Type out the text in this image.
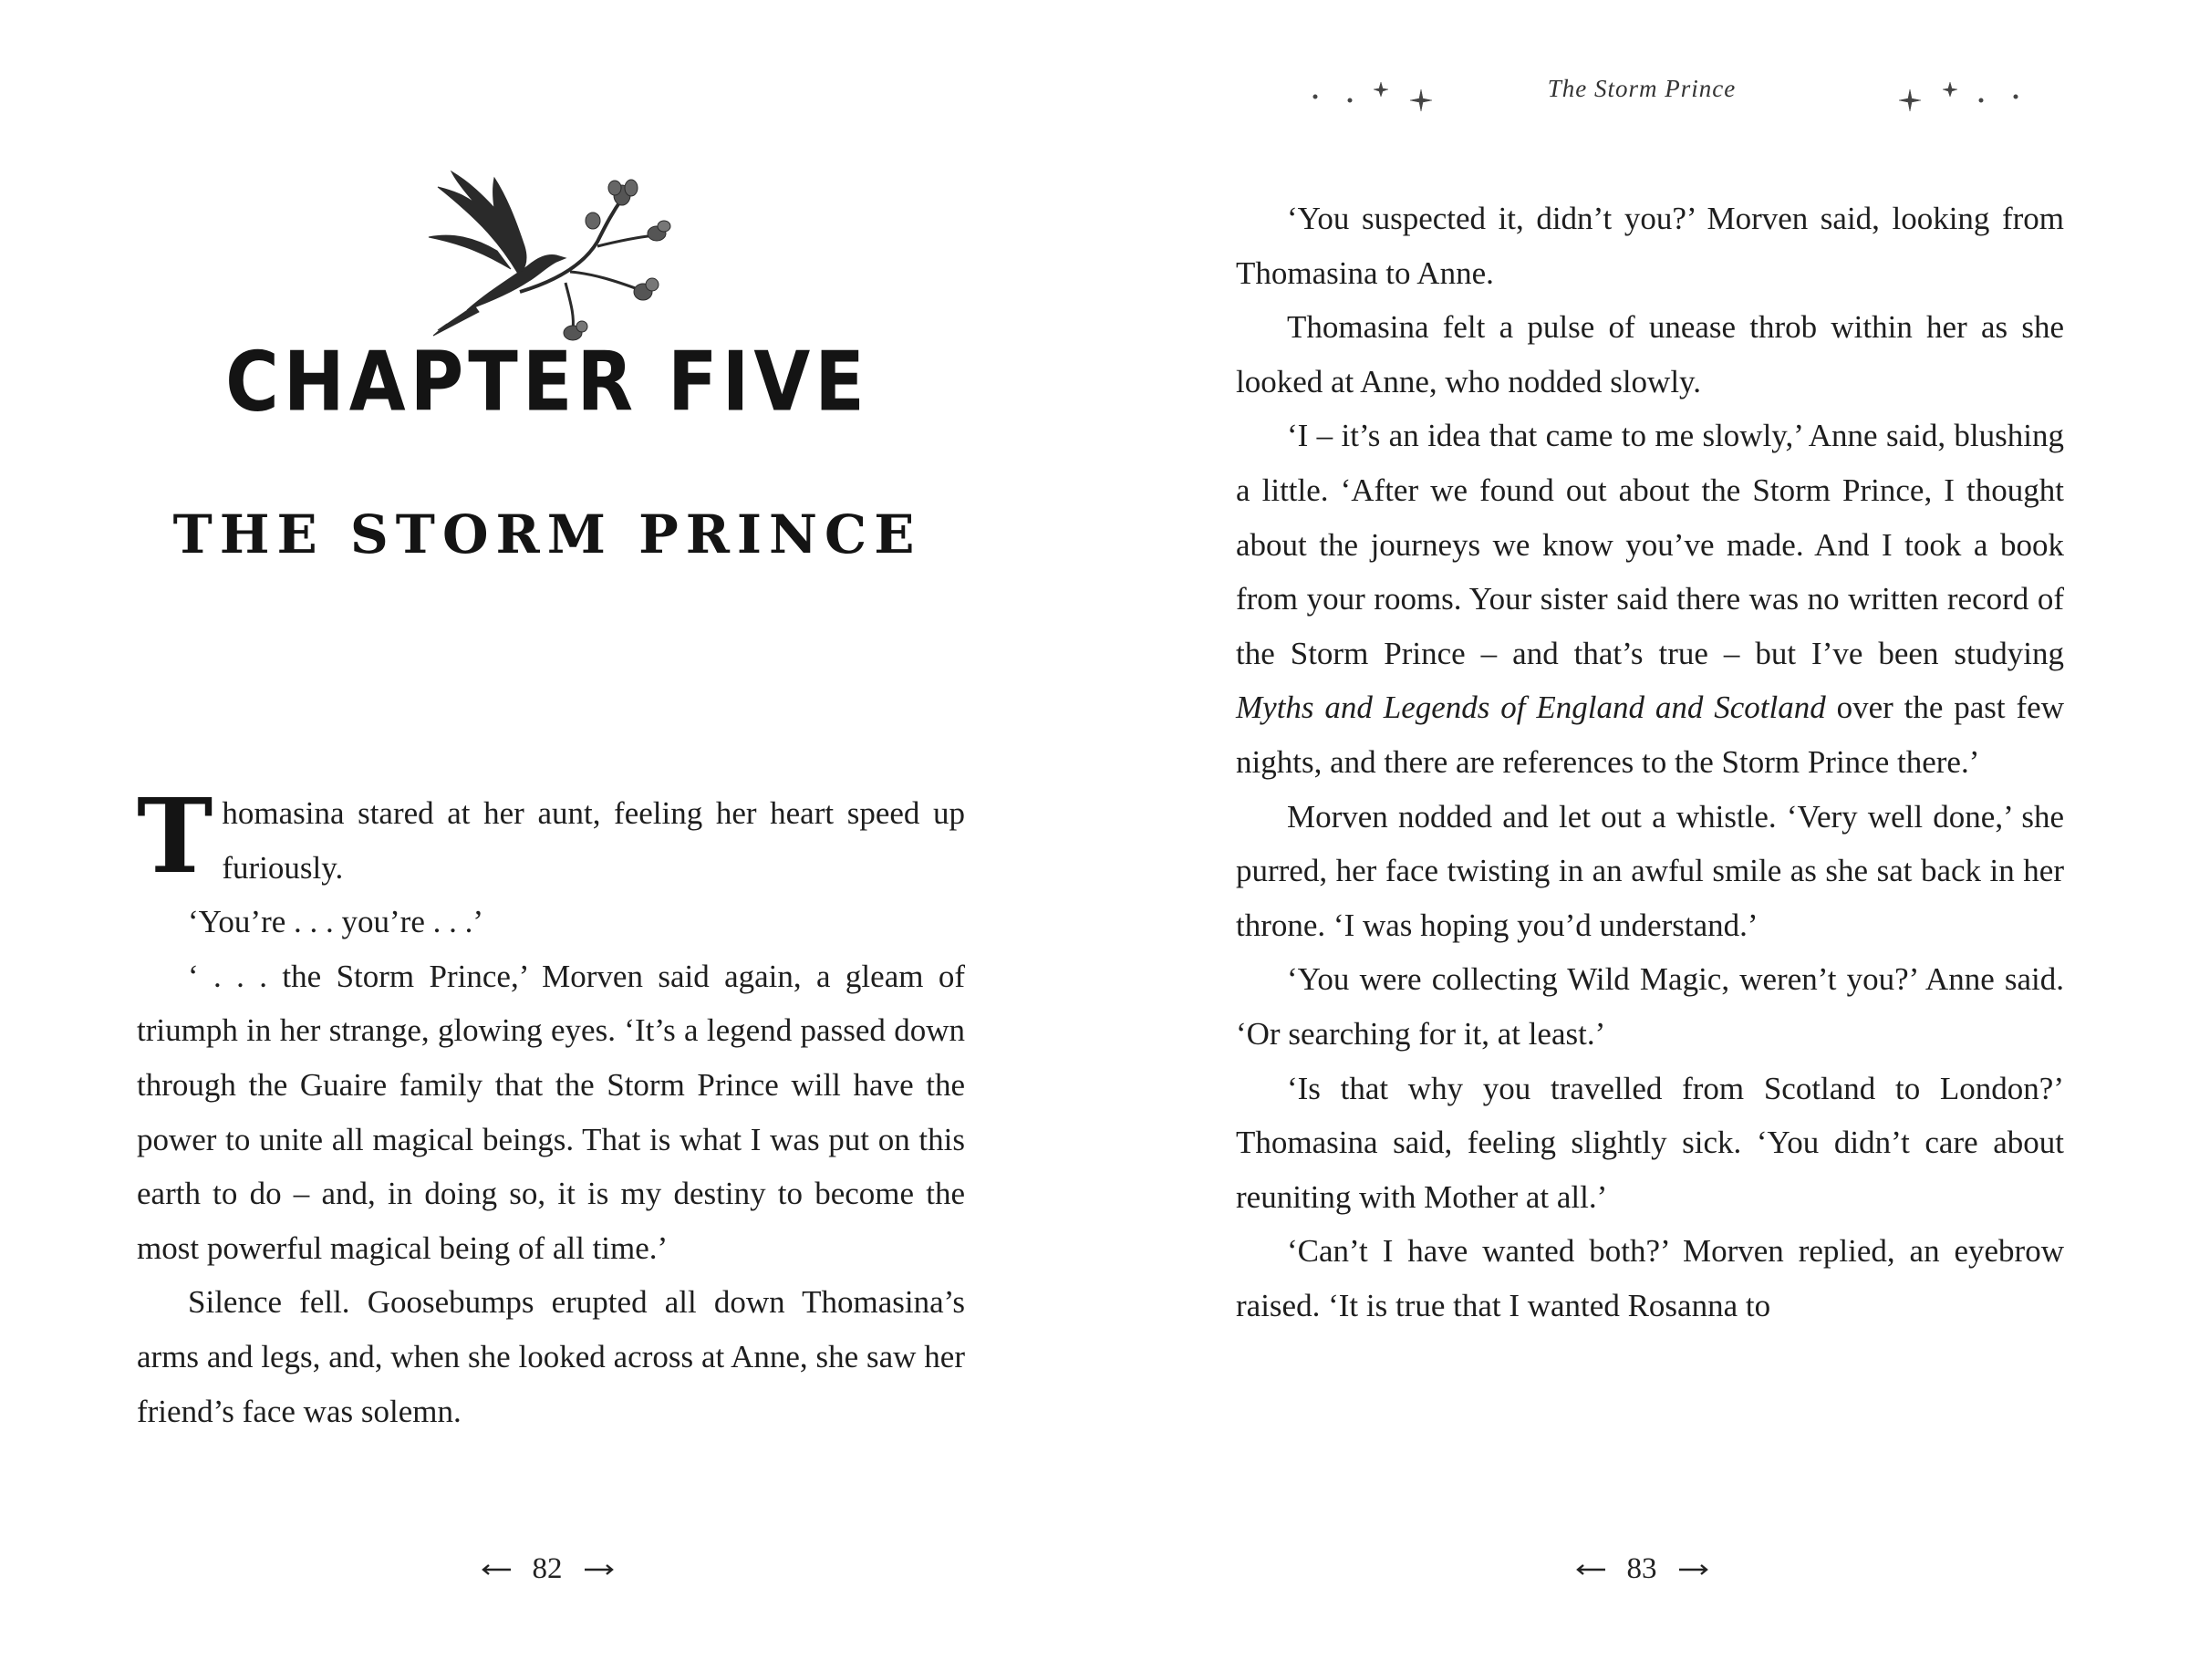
CHAPTER FIVE
THE STORM PRINCE

Thomasina stared at her aunt, feeling her heart speed up furiously.

‘You’re . . . you’re . . .’

‘ . . . the Storm Prince,’ Morven said again, a gleam of triumph in her strange, glowing eyes. ‘It’s a legend passed down through the Guaire family that the Storm Prince will have the power to unite all magical beings. That is what I was put on this earth to do – and, in doing so, it is my destiny to become the most powerful magical being of all time.’

Silence fell. Goosebumps erupted all down Thomasina’s arms and legs, and, when she looked across at Anne, she saw her friend’s face was solemn.

82
The Storm Prince

‘You suspected it, didn’t you?’ Morven said, looking from Thomasina to Anne.

Thomasina felt a pulse of unease throb within her as she looked at Anne, who nodded slowly.

‘I – it’s an idea that came to me slowly,’ Anne said, blushing a little. ‘After we found out about the Storm Prince, I thought about the journeys we know you’ve made. And I took a book from your rooms. Your sister said there was no written record of the Storm Prince – and that’s true – but I’ve been studying Myths and Legends of England and Scotland over the past few nights, and there are references to the Storm Prince there.’

Morven nodded and let out a whistle. ‘Very well done,’ she purred, her face twisting in an awful smile as she sat back in her throne. ‘I was hoping you’d understand.’

‘You were collecting Wild Magic, weren’t you?’ Anne said. ‘Or searching for it, at least.’

‘Is that why you travelled from Scotland to London?’ Thomasina said, feeling slightly sick. ‘You didn’t care about reuniting with Mother at all.’

‘Can’t I have wanted both?’ Morven replied, an eyebrow raised. ‘It is true that I wanted Rosanna to

83
